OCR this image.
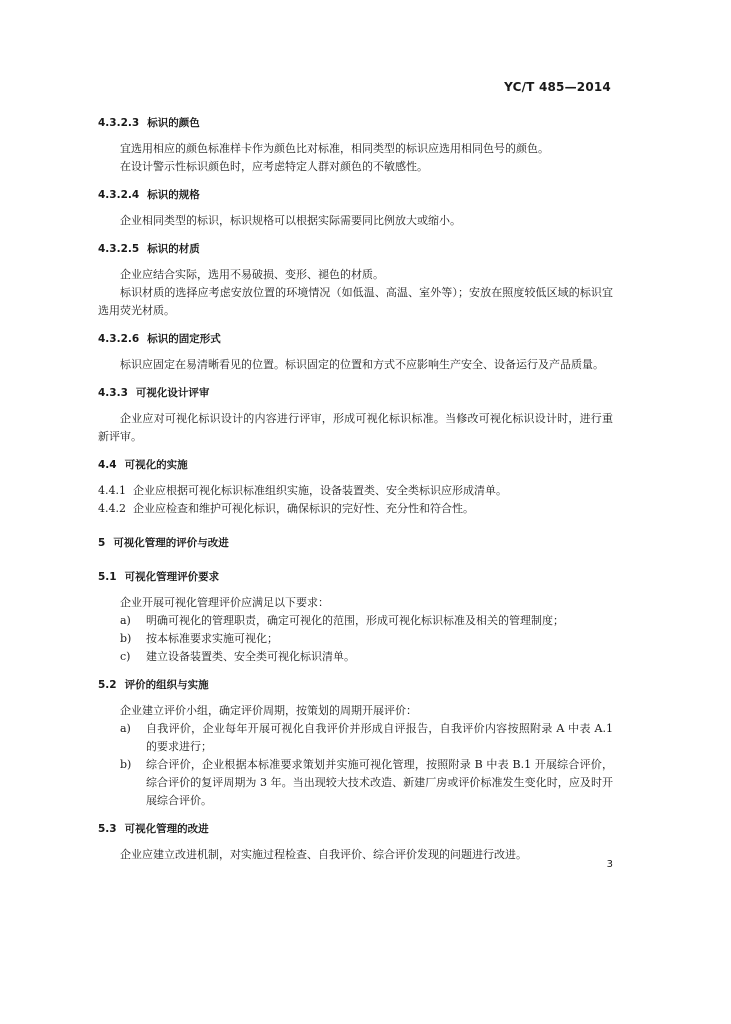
YC/T 485—2014
4.3.2.3 标识的颜色
宜选用相应的颜色标准样卡作为颜色比对标准，相同类型的标识应选用相同色号的颜色。
在设计警示性标识颜色时，应考虑特定人群对颜色的不敏感性。
4.3.2.4 标识的规格
企业相同类型的标识，标识规格可以根据实际需要同比例放大或缩小。
4.3.2.5 标识的材质
企业应结合实际，选用不易破损、变形、褪色的材质。
标识材质的选择应考虑安放位置的环境情况（如低温、高温、室外等）；安放在照度较低区域的标识宜选用荧光材质。
4.3.2.6 标识的固定形式
标识应固定在易清晰看见的位置。标识固定的位置和方式不应影响生产安全、设备运行及产品质量。
4.3.3 可视化设计评审
企业应对可视化标识设计的内容进行评审，形成可视化标识标准。当修改可视化标识设计时，进行重新评审。
4.4 可视化的实施
4.4.1 企业应根据可视化标识标准组织实施，设备装置类、安全类标识应形成清单。
4.4.2 企业应检查和维护可视化标识，确保标识的完好性、充分性和符合性。
5 可视化管理的评价与改进
5.1 可视化管理评价要求
企业开展可视化管理评价应满足以下要求：
a)	明确可视化的管理职责，确定可视化的范围，形成可视化标识标准及相关的管理制度；
b)	按本标准要求实施可视化；
c)	建立设备装置类、安全类可视化标识清单。
5.2 评价的组织与实施
企业建立评价小组，确定评价周期，按策划的周期开展评价：
a)	自我评价，企业每年开展可视化自我评价并形成自评报告，自我评价内容按照附录 A 中表 A.1 的要求进行；
b)	综合评价，企业根据本标准要求策划并实施可视化管理，按照附录 B 中表 B.1 开展综合评价，综合评价的复评周期为 3 年。当出现较大技术改造、新建厂房或评价标准发生变化时，应及时开展综合评价。
5.3 可视化管理的改进
企业应建立改进机制，对实施过程检查、自我评价、综合评价发现的问题进行改进。
3
